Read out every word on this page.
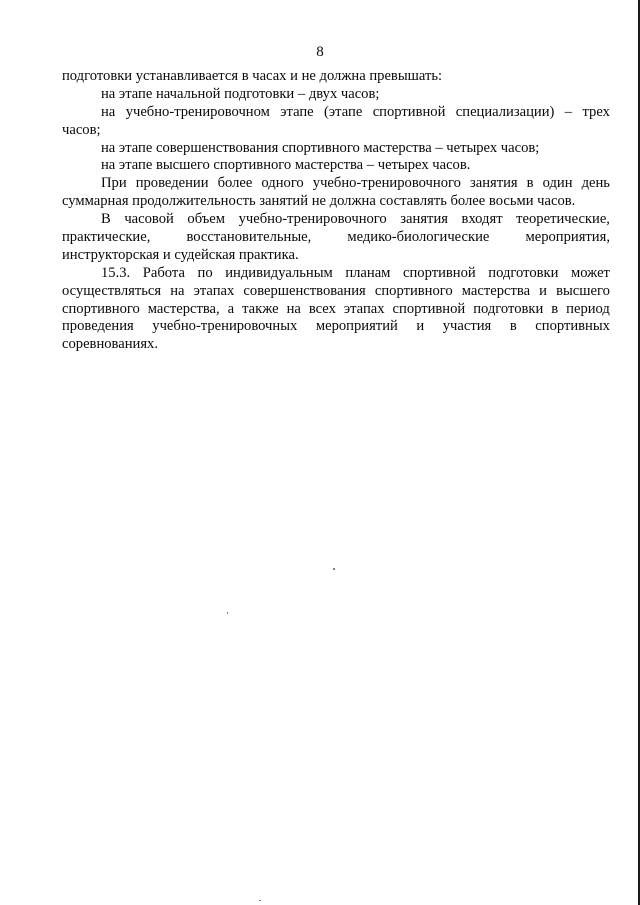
8
подготовки устанавливается в часах и не должна превышать:
на этапе начальной подготовки – двух часов;
на учебно-тренировочном этапе (этапе спортивной специализации) – трех
часов;
на этапе совершенствования спортивного мастерства – четырех часов;
на этапе высшего спортивного мастерства – четырех часов.
При проведении более одного учебно-тренировочного занятия в один день
суммарная продолжительность занятий не должна составлять более восьми часов.
В часовой объем учебно-тренировочного занятия входят теоретические,
практические, восстановительные, медико-биологические мероприятия,
инструкторская и судейская практика.
15.3. Работа по индивидуальным планам спортивной подготовки может
осуществляться на этапах совершенствования спортивного мастерства и высшего
спортивного мастерства, а также на всех этапах спортивной подготовки в период
проведения учебно-тренировочных мероприятий и участия в спортивных
соревнованиях.
